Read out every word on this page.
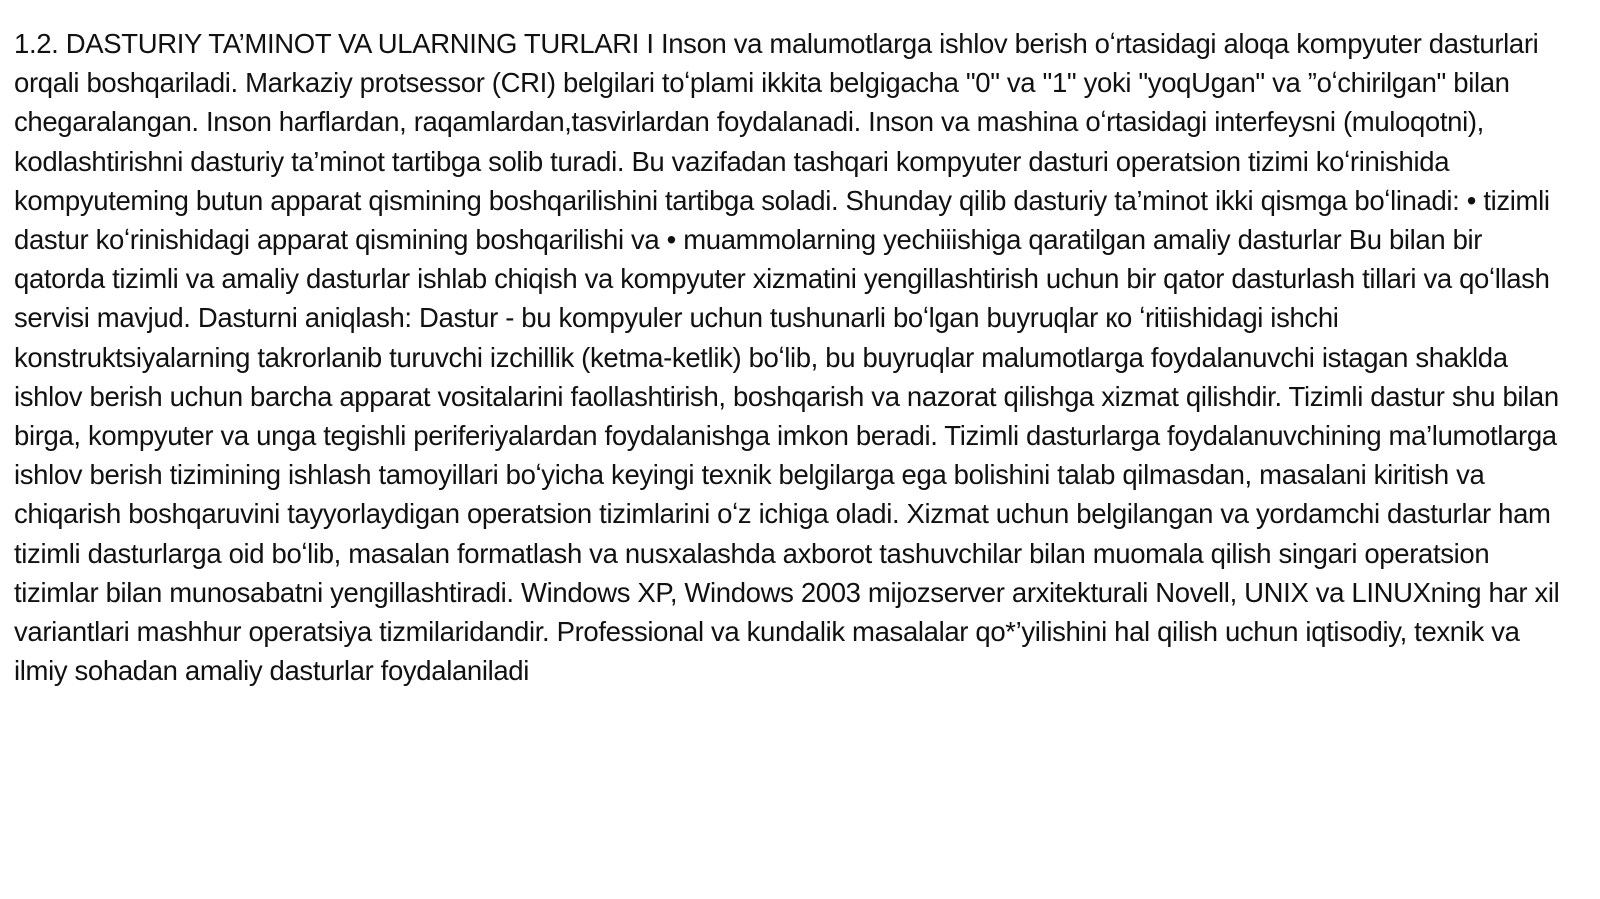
1.2. DASTURIY TA’MINOT VA ULARNING TURLARI I Inson va malumotlarga ishlov berish oʻrtasidagi aloqa kompyuter dasturlari orqali boshqariladi. Markaziy protsessor (CRI) belgilari toʻplami ikkita belgigacha "0" va "1" yoki "yoqUgan" va ”oʻchirilgan" bilan chegaralangan. Inson harflardan, raqamlardan,tasvirlardan foydalanadi. Inson va mashina oʻrtasidagi interfeysni (muloqotni), kodlashtirishni dasturiy ta’minot tartibga solib turadi. Bu vazifadan tashqari kompyuter dasturi operatsion tizimi koʻrinishida kompyuteming butun apparat qismining boshqarilishini tartibga soladi. Shunday qilib dasturiy ta’minot ikki qismga boʻlinadi: • tizimli dastur koʻrinishidagi apparat qismining boshqarilishi va • muammolarning yechiiishiga qaratilgan amaliy dasturlar Bu bilan bir qatorda tizimli va amaliy dasturlar ishlab chiqish va kompyuter xizmatini yengillashtirish uchun bir qator dasturlash tillari va qoʻllash servisi mavjud. Dasturni aniqlash: Dastur - bu kompyuler uchun tushunarli boʻlgan buyruqlar кo ʻritiishidagi ishchi konstruktsiyalarning takrorlanib turuvchi izchillik (ketma-ketlik) boʻlib, bu buyruqlar malumotlarga foydalanuvchi istagan shaklda ishlov berish uchun barcha apparat vositalarini faollashtirish, boshqarish va nazorat qilishga xizmat qilishdir. Tizimli dastur shu bilan birga, kompyuter va unga tegishli periferiyalardan foydalanishga imkon beradi. Tizimli dasturlarga foydalanuvchining ma’lumotlarga ishlov berish tizimining ishlash tamoyillari boʻyicha keyingi texnik belgilarga ega bolishini talab qilmasdan, masalani kiritish va chiqarish boshqaruvini tayyorlaydigan operatsion tizimlarini oʻz ichiga oladi. Xizmat uchun belgilangan va yordamchi dasturlar ham tizimli dasturlarga oid boʻlib, masalan formatlash va nusxalashda axborot tashuvchilar bilan muomala qilish singari operatsion tizimlar bilan munosabatni yengillashtiradi. Windows XP, Windows 2003 mijozserver arxitekturali Novell, UNIX va LINUXning har xil variantlari mashhur operatsiya tizmilaridandir. Professional va kundalik masalalar qo*’yilishini hal qilish uchun iqtisodiy, texnik va ilmiy sohadan amaliy dasturlar foydalaniladi
